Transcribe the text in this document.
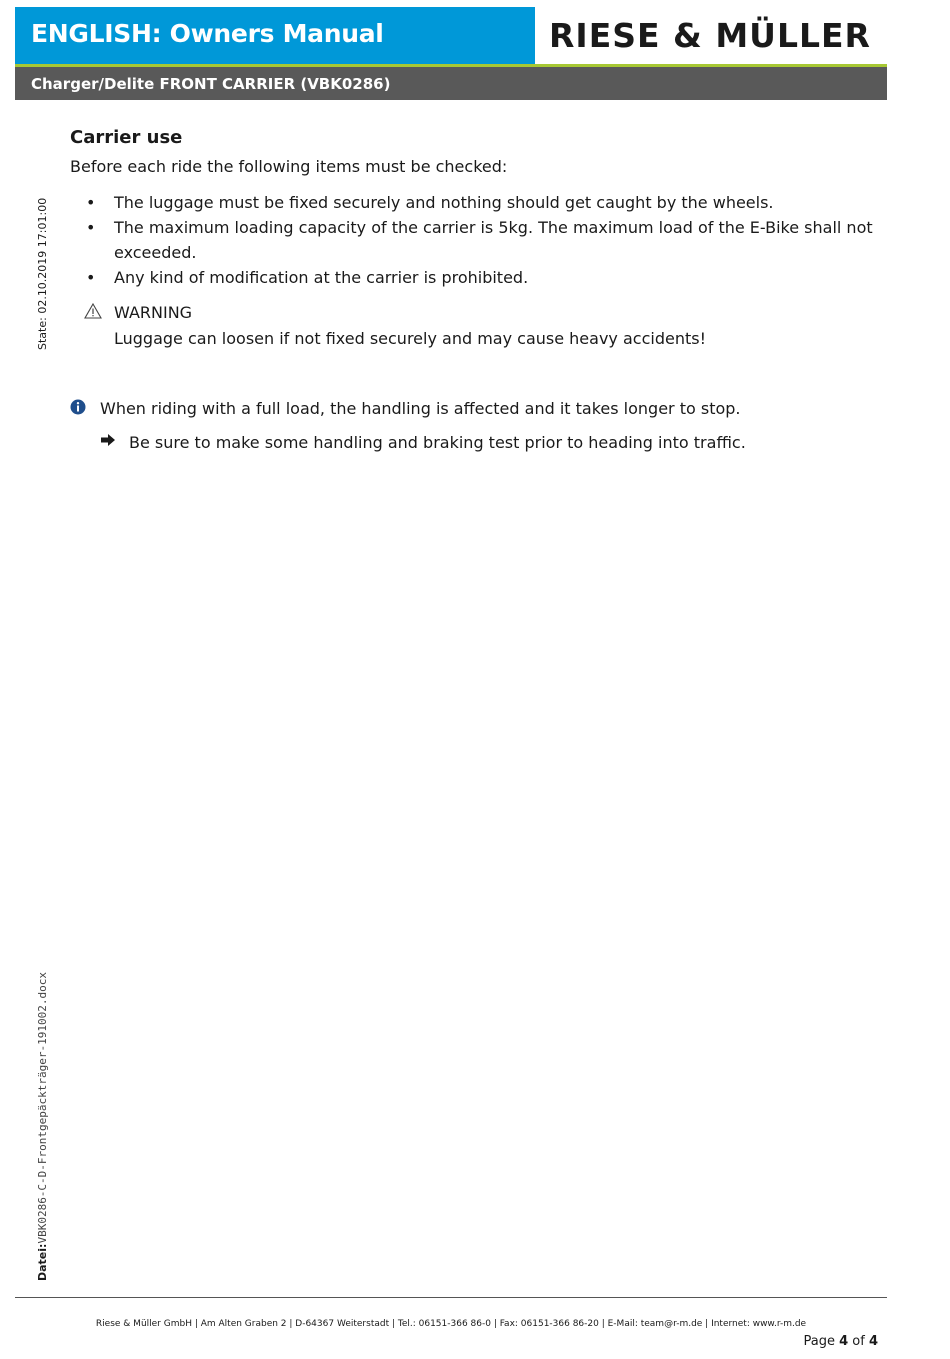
ENGLISH: Owners Manual	RIESE & MÜLLER
Charger/Delite FRONT CARRIER (VBK0286)
State: 02.10.2019 17:01:00
Datei:VBK0286-C-D-Frontgepäckträger-191002.docx
Carrier use

Before each ride the following items must be checked:

• The luggage must be fixed securely and nothing should get caught by the wheels.
• The maximum loading capacity of the carrier is 5kg. The maximum load of the E-Bike shall not exceeded.
• Any kind of modification at the carrier is prohibited.
WARNING
Luggage can loosen if not fixed securely and may cause heavy accidents!
When riding with a full load, the handling is affected and it takes longer to stop.
Be sure to make some handling and braking test prior to heading into traffic.
Riese & Müller GmbH | Am Alten Graben 2 | D-64367 Weiterstadt | Tel.: 06151-366 86-0 | Fax: 06151-366 86-20 | E-Mail: team@r-m.de | Internet: www.r-m.de
Page 4 of 4
